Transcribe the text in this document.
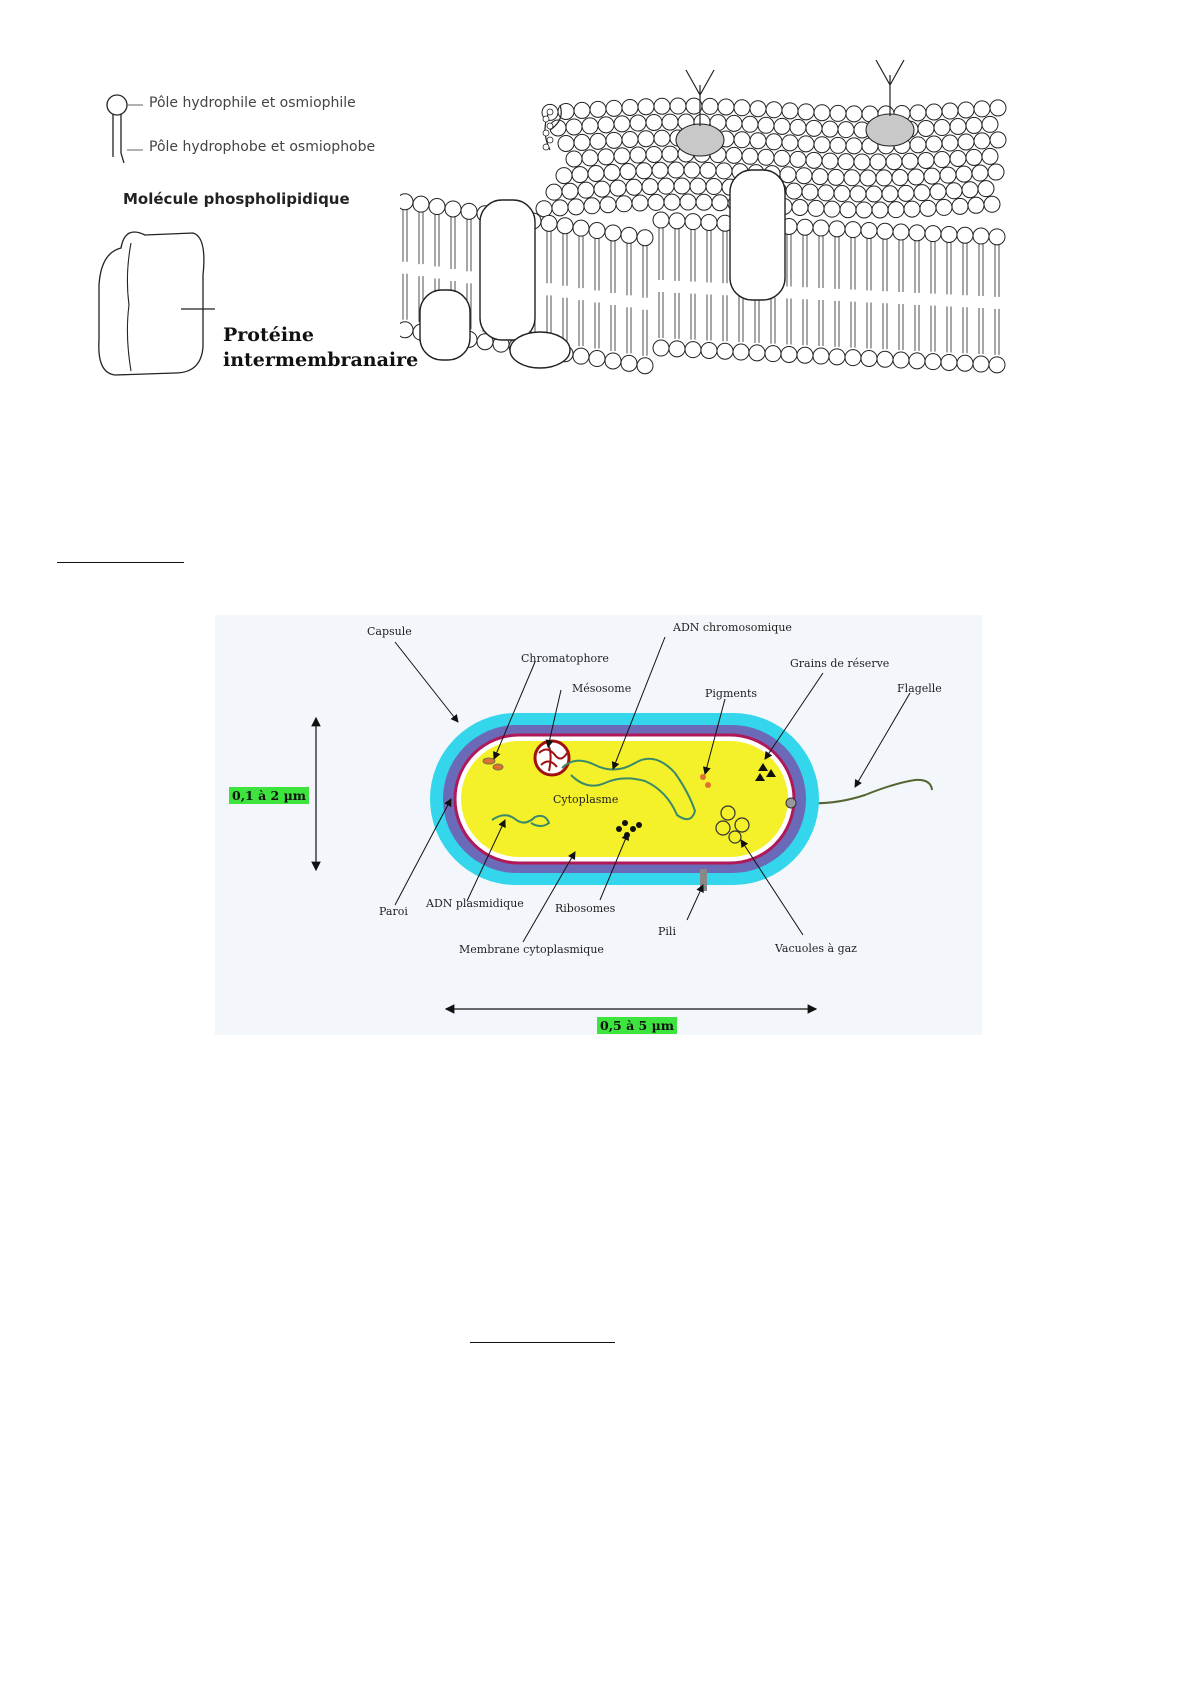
Pôle hydrophile et osmiophile
Pôle hydrophobe et osmiophobe
Molécule phospholipidique
Protéine
intermembranaire
Capsule
Chromatophore
Mésosome
ADN chromosomique
Pigments
Grains de réserve
Flagelle
Cytoplasme
Paroi
ADN plasmidique	Ribosomes
Pili
Vacuoles à gaz
Membrane cytoplasmique
0,1 à 2 µm
0,5 à 5 µm
